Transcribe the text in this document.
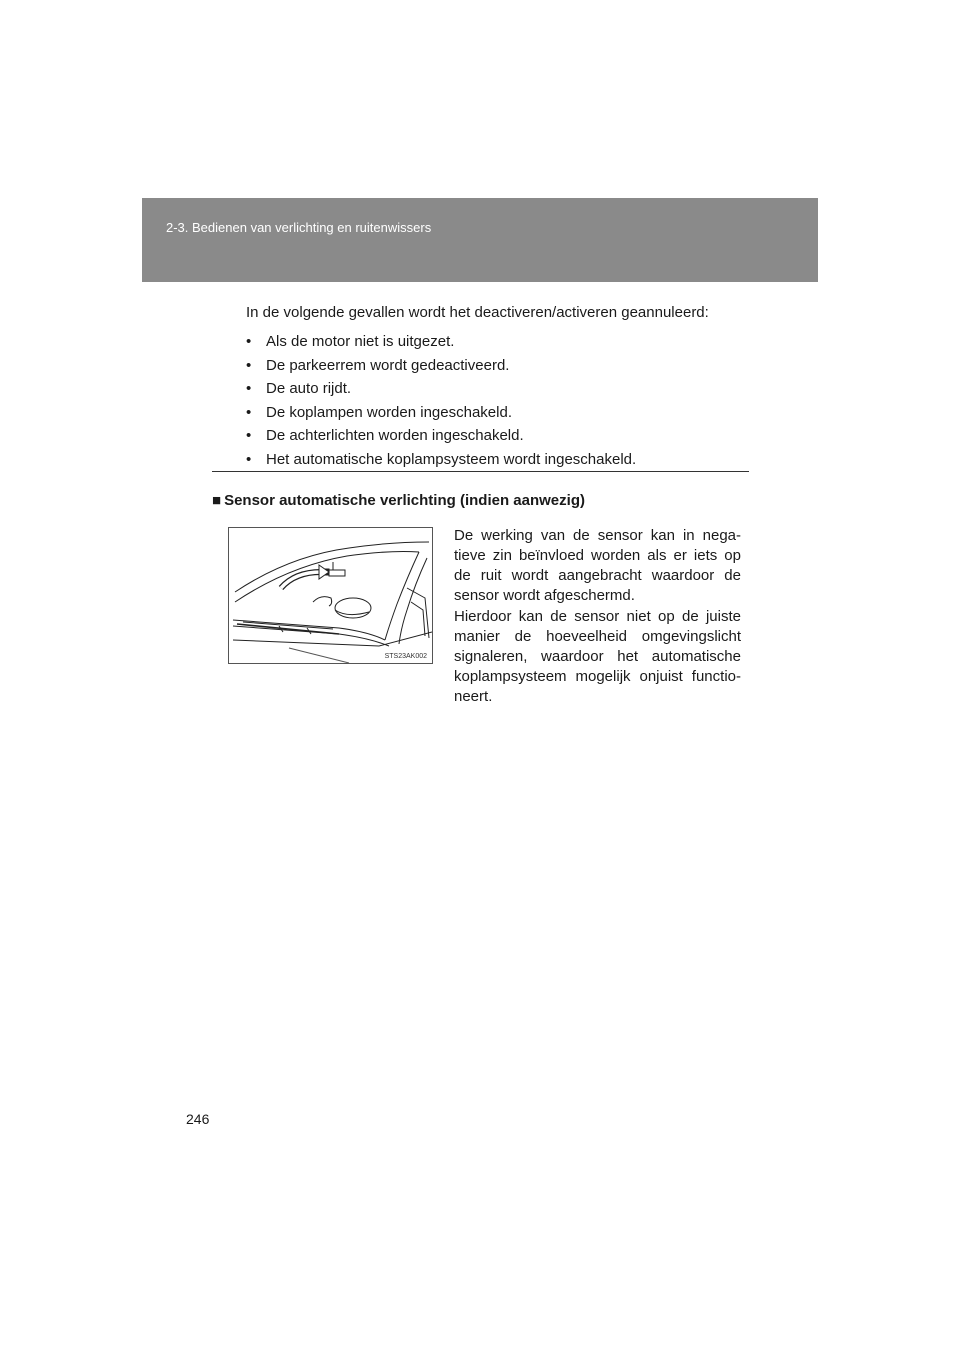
2-3. Bedienen van verlichting en ruitenwissers
In de volgende gevallen wordt het deactiveren/activeren geannuleerd:
• Als de motor niet is uitgezet.
• De parkeerrem wordt gedeactiveerd.
• De auto rijdt.
• De koplampen worden ingeschakeld.
• De achterlichten worden ingeschakeld.
• Het automatische koplampsysteem wordt ingeschakeld.
■ Sensor automatische verlichting (indien aanwezig)
STS23AK002

De werking van de sensor kan in nega-tieve zin beïnvloed worden als er iets op de ruit wordt aangebracht waardoor de sensor wordt afgeschermd.

Hierdoor kan de sensor niet op de juiste manier de hoeveelheid omgevingslicht signaleren, waardoor het automatische koplampsysteem mogelijk onjuist functio-neert.

246
